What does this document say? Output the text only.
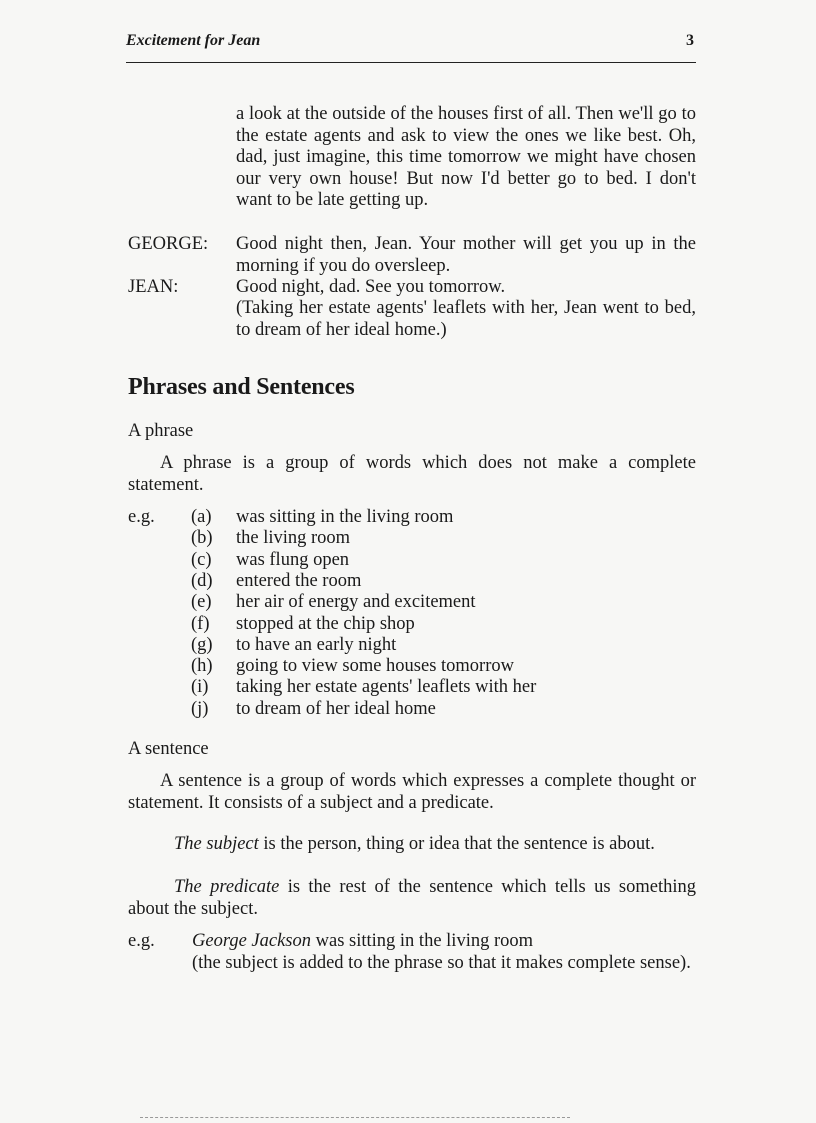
Excitement for Jean	3
a look at the outside of the houses first of all. Then we'll go to the estate agents and ask to view the ones we like best. Oh, dad, just imagine, this time tomorrow we might have chosen our very own house! But now I'd better go to bed. I don't want to be late getting up.
GEORGE: Good night then, Jean. Your mother will get you up in the morning if you do oversleep.
JEAN:	Good night, dad. See you tomorrow.
(Taking her estate agents' leaflets with her, Jean went to bed, to dream of her ideal home.)
Phrases and Sentences
A phrase
A phrase is a group of words which does not make a complete statement.
e.g. (a) was sitting in the living room
(b) the living room
(c) was flung open
(d) entered the room
(e) her air of energy and excitement
(f) stopped at the chip shop
(g) to have an early night
(h) going to view some houses tomorrow
(i) taking her estate agents' leaflets with her
(j) to dream of her ideal home
A sentence
A sentence is a group of words which expresses a complete thought or statement. It consists of a subject and a predicate.
The subject is the person, thing or idea that the sentence is about.
The predicate is the rest of the sentence which tells us something about the subject.
e.g. George Jackson was sitting in the living room
(the subject is added to the phrase so that it makes complete sense).
